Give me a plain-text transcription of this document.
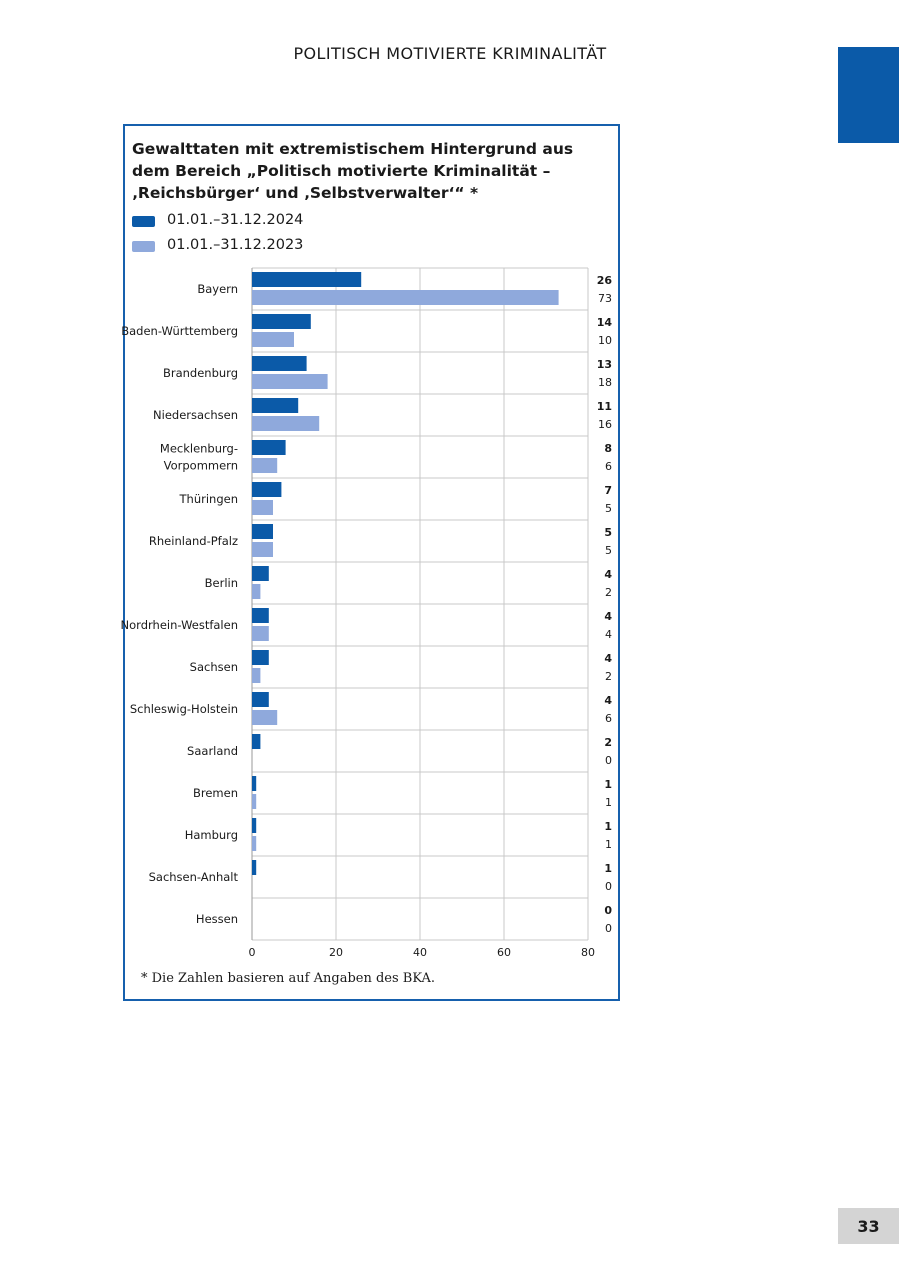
POLITISCH MOTIVIERTE KRIMINALITÄT
33
Gewalttaten mit extremistischem Hintergrund aus dem Bereich „Politisch motivierte Kriminalität – ‚Reichsbürger‘ und ‚Selbstverwalter‘“ *
01.01.–31.12.2024
01.01.–31.12.2023
0	20	40	60	80
Bayern
26
73
Baden-Württemberg
14
10
Brandenburg
13
18
Niedersachsen
11
16
Mecklenburg-
Vorpommern
8
6
Thüringen
7
5
Rheinland-Pfalz
5
5
Berlin
4
2
Nordrhein-Westfalen
4
4
Sachsen
4
2
Schleswig-Holstein
4
6
Saarland
2
0
Bremen
1
1
Hamburg
1
1
Sachsen-Anhalt
1
0
Hessen
0
0
* Die Zahlen basieren auf Angaben des BKA.
